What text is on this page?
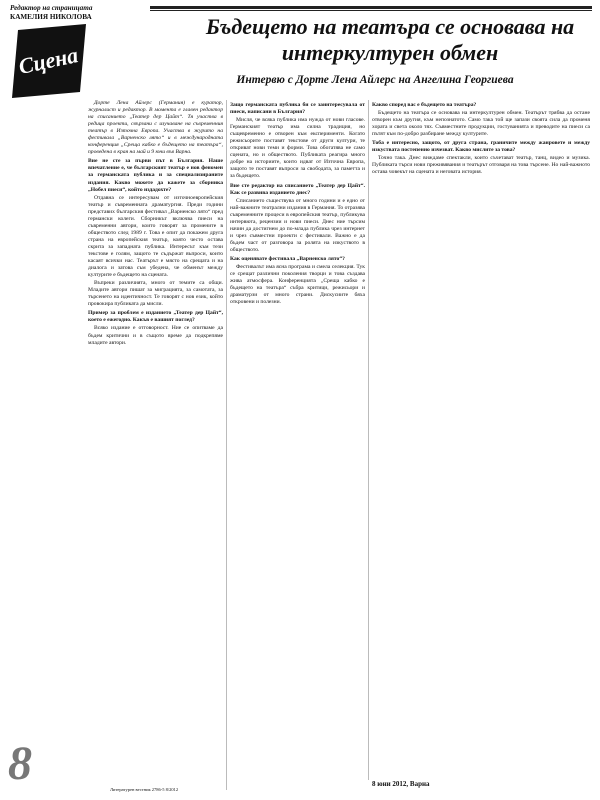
Редактор на страницата
КАМЕЛИЯ НИКОЛОВА
Сцена
Бъдещето на театъра се основава на интеркултурен обмен
Интервю с Дорте Лена Айлерс на Ангелина Георгиева

Дорте Лена Айлерс (Германия) е куратор, журналист и редактор. В момента е главен редактор на списанието „Театер дер Цайт“. Тя участва в редица проекти, свързани с изучаване на съвременния театър в Източна Европа. Участва в журито на фестивала „Варненско лято“ и в международната конференция „Среща кабко е бъдещето на театъра“, проведена в края на май и 9 юни във Варна.

Вие не сте за първи път в България. Наше впечатление е, че българският театър е нов феномен за германската публика и за специализираните издания. Какво можете да кажете за сборника „Нобел пиеси“, който издадохте?

Отдавна се интересувам от източноевропейския театър и съвременната драматургия. Преди години представих българския фестивал „Варненско лято“ пред германски колеги. Сборникът включва пиеси на съвременни автори, които говорят за промените в обществото след 1989 г. Това е опит да покажем друга страна на европейския театър, която често остава скрита за западната публика. Интересът към тези текстове е голям, защото те съдържат въпроси, които касаят всички нас. Театърът е място на срещата и на диалога и затова съм убедена, че обменът между културите е бъдещето на сцената.

Въпреки различията, много от темите са общи. Младите автори пишат за миграцията, за самотата, за търсенето на идентичност. Те говорят с нов език, който провокира публиката да мисли.

Пример за проблем е изданието „Театер дер Цайт“, което е ежегодно. Какъв е вашият поглед?

Всяко издание е отговорност. Ние се опитваме да бъдем критични и в същото време да подкрепяме младите автори.

Защо германската публика би се заинтересувала от пиеси, написани в България?

Мисля, че всяка публика има нужда от нови гласове. Германският театър има силна традиция, но същевременно е отворен към експерименти. Когато режисьорите поставят текстове от други култури, те откриват нови теми и форми. Това обогатява не само сцената, но и обществото. Публиката реагира много добре на историите, които идват от Източна Европа, защото те поставят въпроси за свободата, за паметта и за бъдещето.

Вие сте редактор на списанието „Театер дер Цайт“. Как се развива изданието днес?

Списанието съществува от много години и е едно от най-важните театрални издания в Германия. То отразява съвременните процеси в европейския театър, публикува интервюта, рецензии и нови пиеси. Днес ние търсим начин да достигнем до по-млада публика чрез интернет и чрез съвместни проекти с фестивали. Важно е да бъдем част от разговора за ролята на изкуството в обществото.

Как оценявате фестивала „Варненско лято“?

Фестивалът има ясна програма и смела селекция. Тук се срещат различни поколения творци и това създава жива атмосфера. Конференцията „Среща кабко е бъдещето на театъра“ събра критици, режисьори и драматурзи от много страни. Дискусиите бяха откровени и полезни.

Какво според вас е бъдещето на театъра?

Бъдещето на театъра се основава на интеркултурен обмен. Театърът трябва да остане отворен към другия, към непознатото. Само така той ще запази своята сила да променя хората и света около тях. Съвместните продукции, гостуванията и преводите на пиеси са пътят към по-добро разбиране между културите.

Тоба е интересно, защото, от друга страна, граничите между жанровете и между изкуствата постепенно изчезват. Какво мислите за това?

Точно така. Днес виждаме спектакли, които съчетават театър, танц, видео и музика. Публиката търси нови преживявания и театърът отговаря на това търсене. Но най-важното остава човекът на сцената и неговата история.

8	Литературен вестник 2786-5 8/2012
8 юни 2012, Варна
